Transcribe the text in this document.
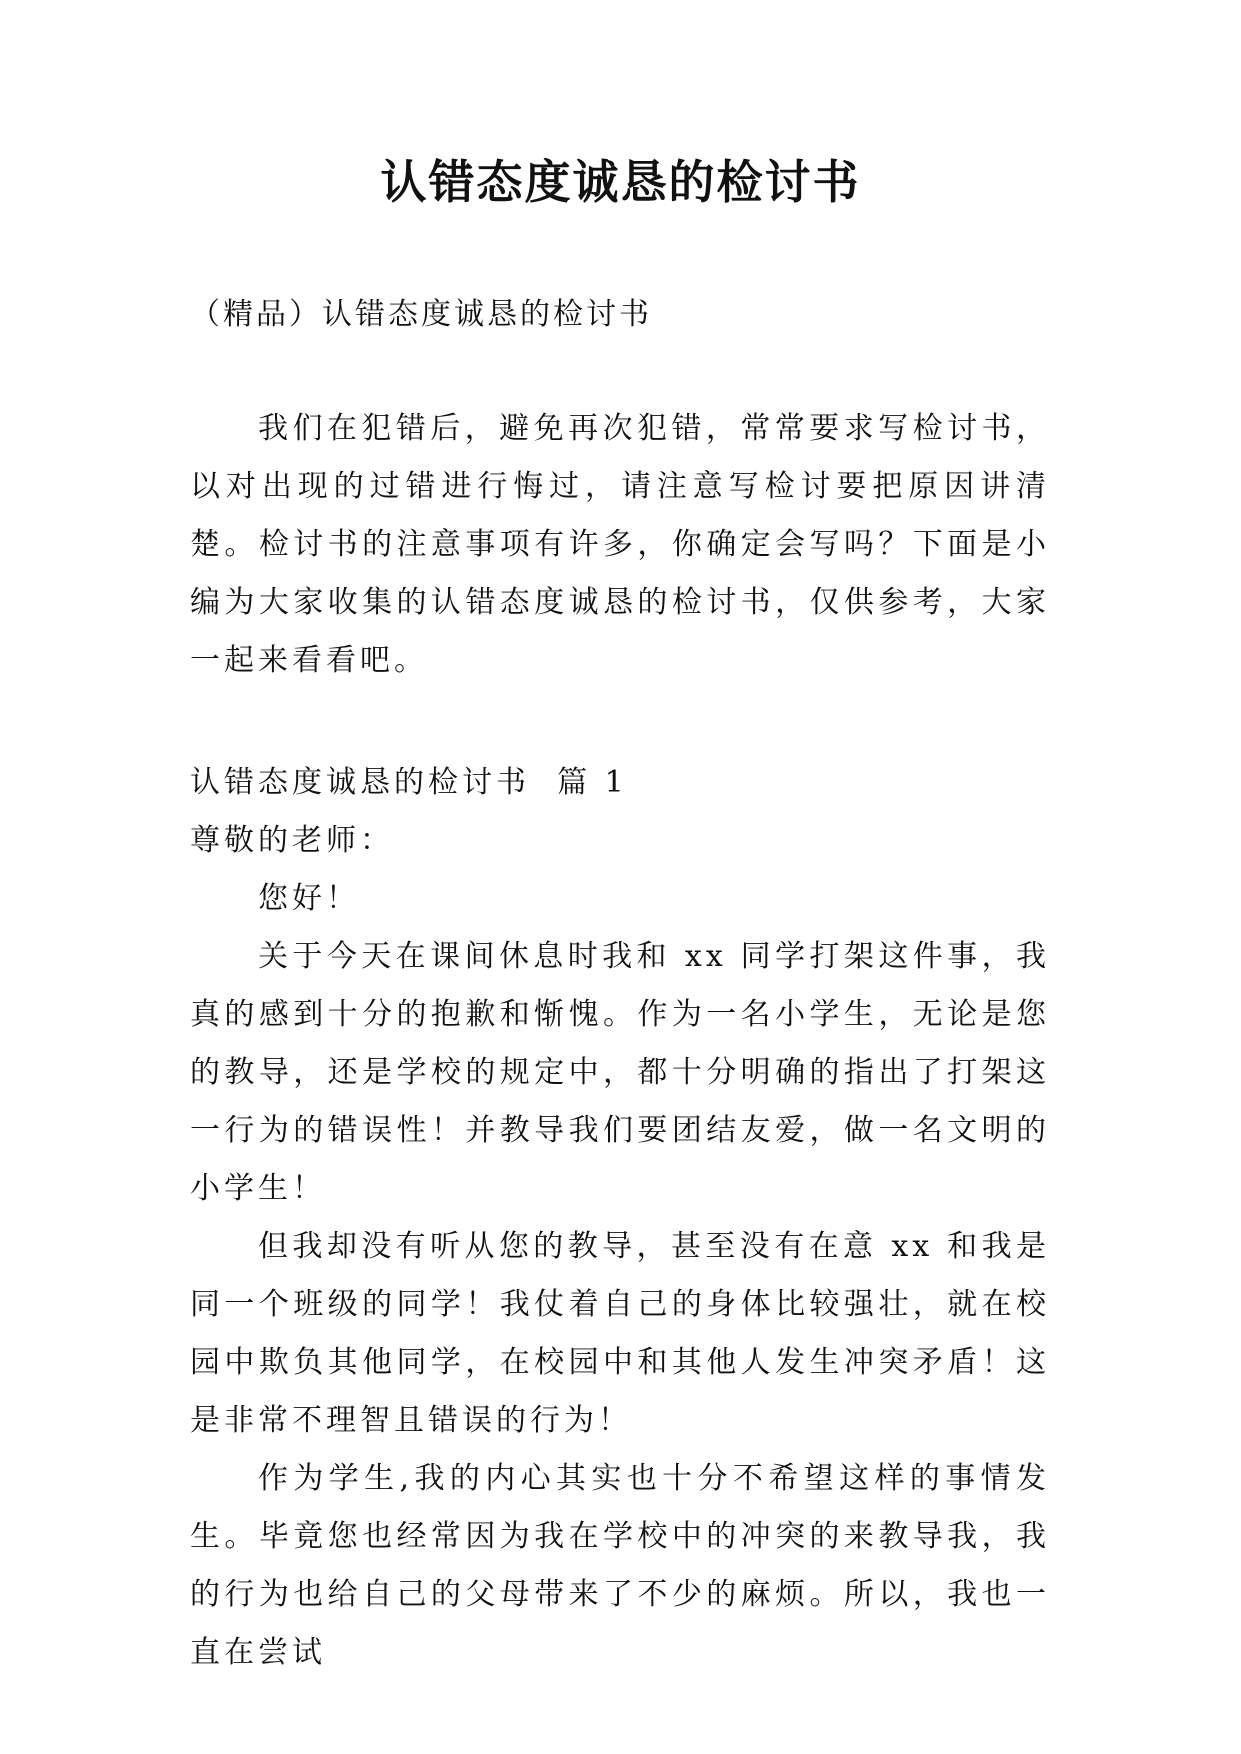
认错态度诚恳的检讨书
（精品）认错态度诚恳的检讨书

我们在犯错后，避免再次犯错，常常要求写检讨书，以对出现的过错进行悔过，请注意写检讨要把原因讲清楚。检讨书的注意事项有许多，你确定会写吗？下面是小编为大家收集的认错态度诚恳的检讨书，仅供参考，大家一起来看看吧。

认错态度诚恳的检讨书  篇 1

尊敬的老师：

您好！

关于今天在课间休息时我和 xx 同学打架这件事，我真的感到十分的抱歉和惭愧。作为一名小学生，无论是您的教导，还是学校的规定中，都十分明确的指出了打架这一行为的错误性！并教导我们要团结友爱，做一名文明的小学生！

但我却没有听从您的教导，甚至没有在意 xx 和我是同一个班级的同学！我仗着自己的身体比较强壮，就在校园中欺负其他同学，在校园中和其他人发生冲突矛盾！这是非常不理智且错误的行为！

作为学生,我的内心其实也十分不希望这样的事情发生。毕竟您也经常因为我在学校中的冲突的来教导我，我的行为也给自己的父母带来了不少的麻烦。所以，我也一直在尝试
